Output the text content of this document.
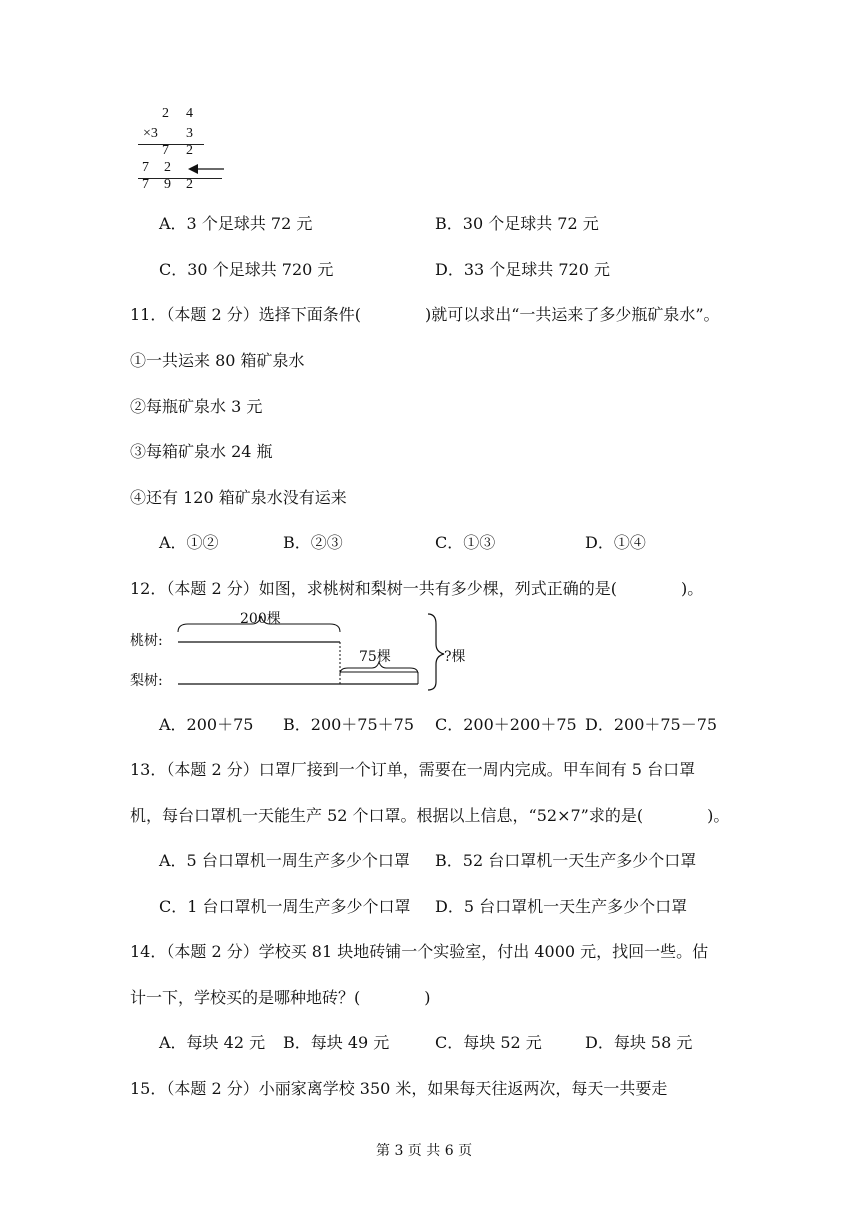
2 4
×3 3
7 2
7 2
7 9 2
A．3 个足球共 72 元	B．30 个足球共 72 元
C．30 个足球共 720 元	D．33 个足球共 720 元
11．（本题 2 分）选择下面条件(　　　　)就可以求出“一共运来了多少瓶矿泉水”。
①一共运来 80 箱矿泉水
②每瓶矿泉水 3 元
③每箱矿泉水 24 瓶
④还有 120 箱矿泉水没有运来
A．①②	B．②③	C．①③	D．①④
12．（本题 2 分）如图，求桃树和梨树一共有多少棵，列式正确的是(　　　　)。
桃树:
梨树:
200棵
75棵	?棵
A．200＋75 B．200＋75＋75 C．200＋200＋75 D．200＋75－75
13．（本题 2 分）口罩厂接到一个订单，需要在一周内完成。甲车间有 5 台口罩
机，每台口罩机一天能生产 52 个口罩。根据以上信息，“52×7”求的是(　　　　)。
A．5 台口罩机一周生产多少个口罩 B．52 台口罩机一天生产多少个口罩
C．1 台口罩机一周生产多少个口罩 D．5 台口罩机一天生产多少个口罩
14．（本题 2 分）学校买 81 块地砖铺一个实验室，付出 4000 元，找回一些。估
计一下，学校买的是哪种地砖？(　　　　)
A．每块 42 元 B．每块 49 元	C．每块 52 元	D．每块 58 元
15．（本题 2 分）小丽家离学校 350 米，如果每天往返两次，每天一共要走
第 3 页 共 6 页
